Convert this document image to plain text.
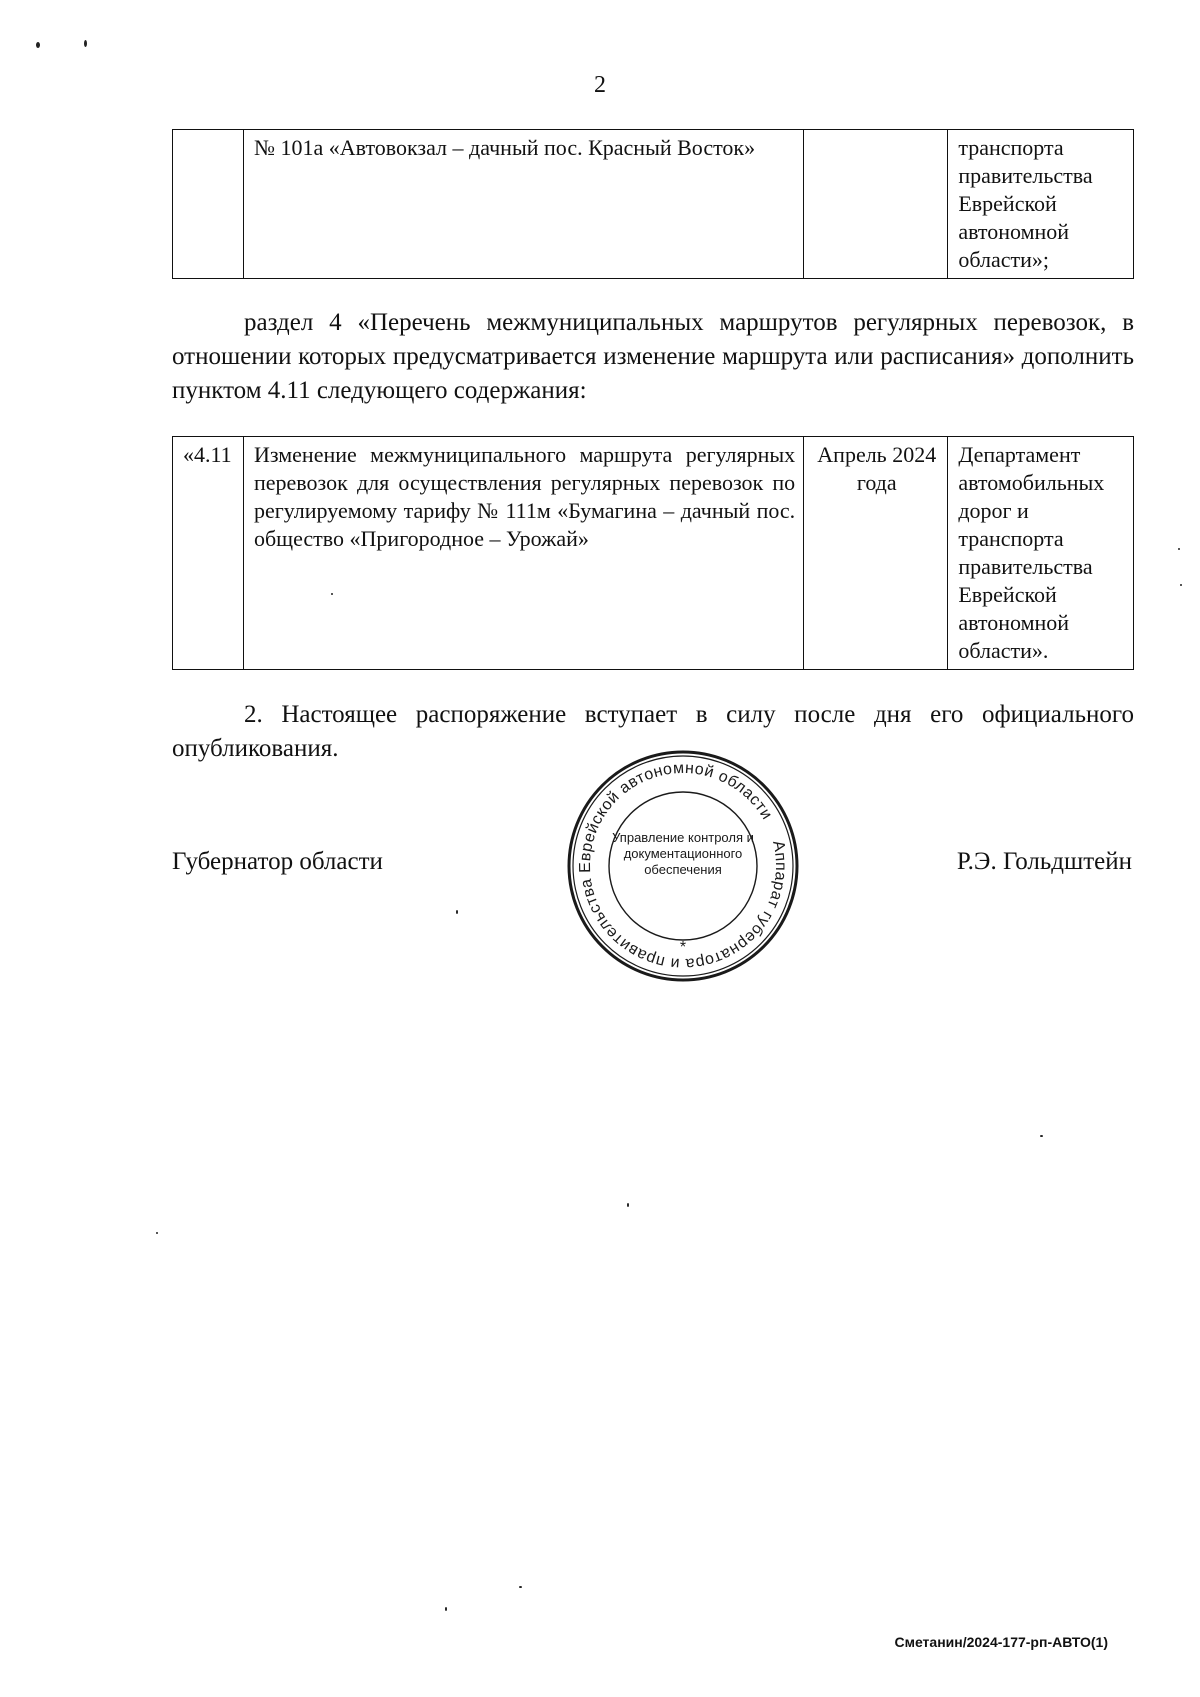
2
	№ 101а «Автовокзал – дачный пос. Красный Восток»		транспорта правительства Еврейской автономной области»;
раздел 4 «Перечень межмуниципальных маршрутов регулярных перевозок, в отношении которых предусматривается изменение маршрута или расписания» дополнить пунктом 4.11 следующего содержания:
«4.11	Изменение межмуниципального маршрута регулярных перевозок для осуществления регулярных перевозок по регулируемому тарифу № 111м «Бумагина – дачный пос. общество «Пригородное – Урожай»	Апрель 2024 года	Департамент автомобильных дорог и транспорта правительства Еврейской автономной области».
2. Настоящее распоряжение вступает в силу после дня его официального опубликования.
Губернатор области	Р.Э. Гольдштейн
Аппарат губернатора и правительства Еврейской автономной области
Управление контроля и
документационного
обеспечения
*
Сметанин/2024-177-рп-АВТО(1)
